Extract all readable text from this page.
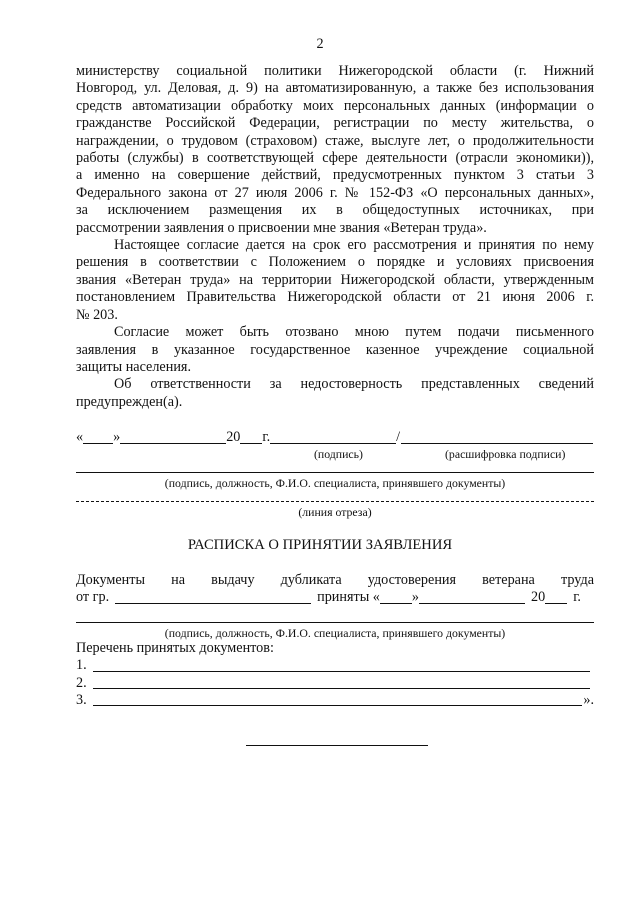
2

министерству социальной политики Нижегородской области (г. Нижний

Новгород, ул. Деловая, д. 9) на автоматизированную, а также без использования

средств автоматизации обработку моих персональных данных (информации о

гражданстве Российской Федерации, регистрации по месту жительства, о

награждении, о трудовом (страховом) стаже, выслуге лет, о продолжительности

работы (службы) в соответствующей сфере деятельности (отрасли экономики)),

а именно на совершение действий, предусмотренных пунктом 3 статьи 3

Федерального закона от 27 июля 2006 г. № 152-ФЗ «О персональных данных»,

за исключением размещения их в общедоступных источниках, при

рассмотрении заявления о присвоении мне звания «Ветеран труда».

Настоящее согласие дается на срок его рассмотрения и принятия по нему

решения в соответствии с Положением о порядке и условиях присвоения

звания «Ветеран труда» на территории Нижегородской области, утвержденным

постановлением Правительства Нижегородской области от 21 июня 2006 г.

№ 203.

Согласие может быть отозвано мною путем подачи письменного

заявления в указанное государственное казенное учреждение социальной

защиты населения.

Об ответственности за недостоверность представленных сведений

предупрежден(а).

« »	20 г.	/
(подпись)	(расшифровка подписи)
(подпись, должность, Ф.И.О. специалиста, принявшего документы)
(линия отреза)
РАСПИСКА О ПРИНЯТИИ ЗАЯВЛЕНИЯ

Документы на выдачу дубликата удостоверения ветерана труда

от гр.	приняты « »	20 г.
(подпись, должность, Ф.И.О. специалиста, принявшего документы)

Перечень принятых документов:

1.
2.
3.	».
